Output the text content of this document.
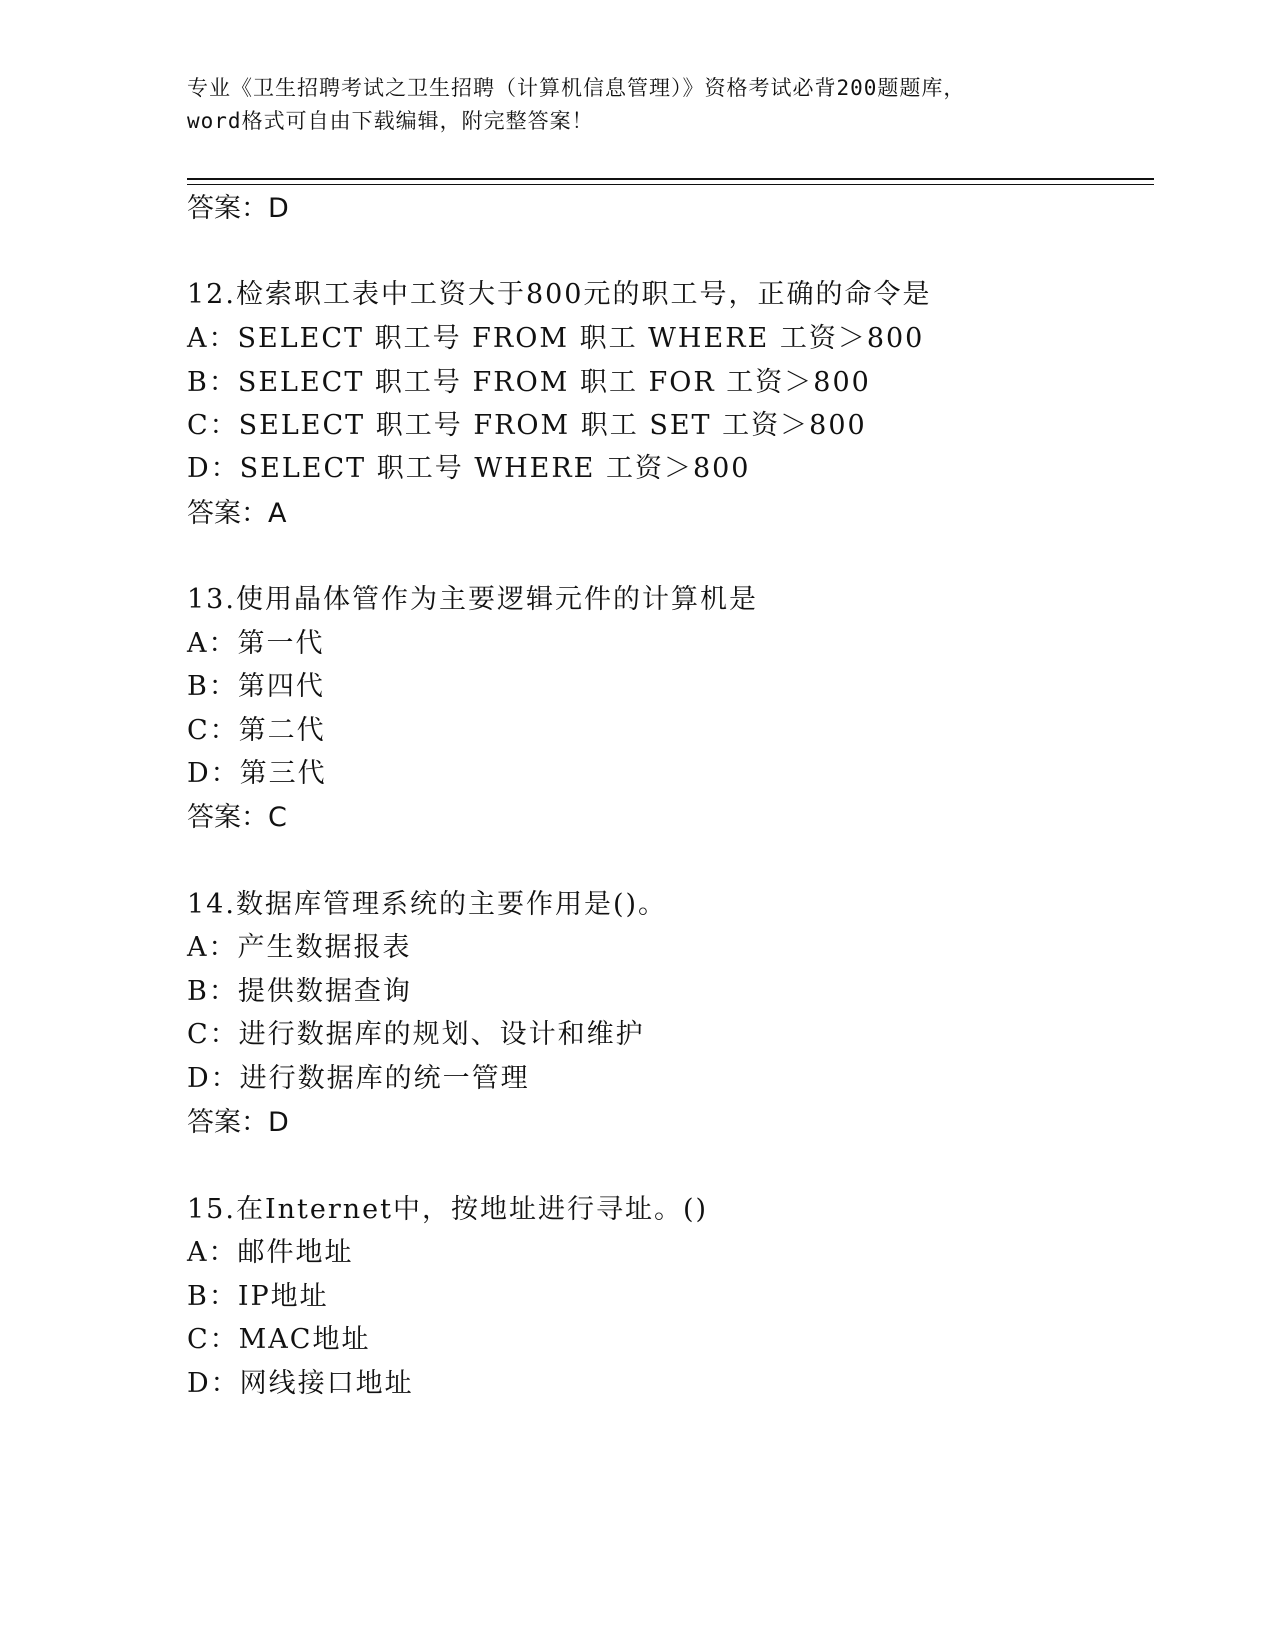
专业《卫生招聘考试之卫生招聘（计算机信息管理）》资格考试必背200题题库，
word格式可自由下载编辑，附完整答案！
答案：D
12.检索职工表中工资大于800元的职工号，正确的命令是
A：SELECT 职工号 FROM 职工 WHERE 工资＞800
B：SELECT 职工号 FROM 职工 FOR 工资＞800
C：SELECT 职工号 FROM 职工 SET 工资＞800
D：SELECT 职工号 WHERE 工资＞800
答案：A
13.使用晶体管作为主要逻辑元件的计算机是
A：第一代
B：第四代
C：第二代
D：第三代
答案：C
14.数据库管理系统的主要作用是()。
A：产生数据报表
B：提供数据查询
C：进行数据库的规划、设计和维护
D：进行数据库的统一管理
答案：D
15.在Internet中，按地址进行寻址。()
A：邮件地址
B：IP地址
C：MAC地址
D：网线接口地址
